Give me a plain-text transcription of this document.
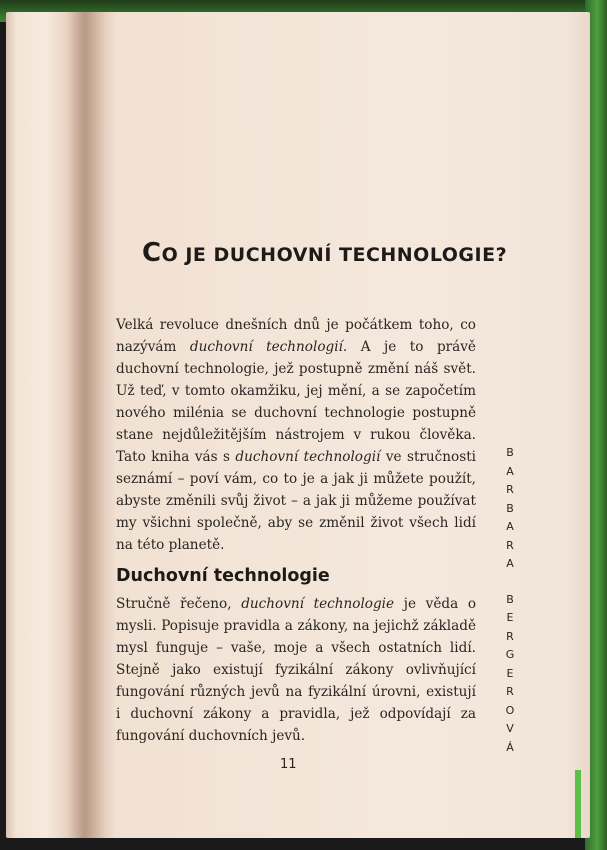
CO JE DUCHOVNÍ TECHNOLOGIE?

Velká revoluce dnešních dnů je počátkem toho, co nazývám duchovní technologií. A je to právě duchovní technologie, jež postupně změní náš svět. Už teď, v tomto okamžiku, jej mění, a se započetím nového milénia se duchovní technologie postupně stane nejdůležitějším nástrojem v rukou člověka. Tato kniha vás s duchovní technologií ve stručnosti seznámí – poví vám, co to je a jak ji můžete použít, abyste změnili svůj život – a jak ji můžeme používat my všichni společně, aby se změnil život všech lidí na této planetě.

Duchovní technologie

Stručně řečeno, duchovní technologie je věda o mysli. Popisuje pravidla a zákony, na jejichž základě mysl funguje – vaše, moje a všech ostatních lidí. Stejně jako existují fyzikální zákony ovlivňující fungování různých jevů na fyzikální úrovni, existují i duchovní zákony a pravidla, jež odpovídají za fungování duchovních jevů.

11
B
A
R
B
A
R
A
B
E
R
G
E
R
O
V
Á
